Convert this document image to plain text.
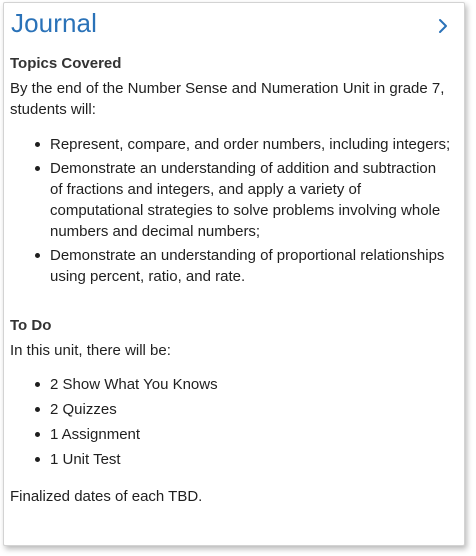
Journal
Topics Covered

By the end of the Number Sense and Numeration Unit in grade 7, students will:

Represent, compare, and order numbers, including integers;
Demonstrate an understanding of addition and subtraction of fractions and integers, and apply a variety of computational strategies to solve problems involving whole numbers and decimal numbers;
Demonstrate an understanding of proportional relationships using percent, ratio, and rate.
To Do

In this unit, there will be:

2 Show What You Knows
2 Quizzes
1 Assignment
1 Unit Test

Finalized dates of each TBD.
